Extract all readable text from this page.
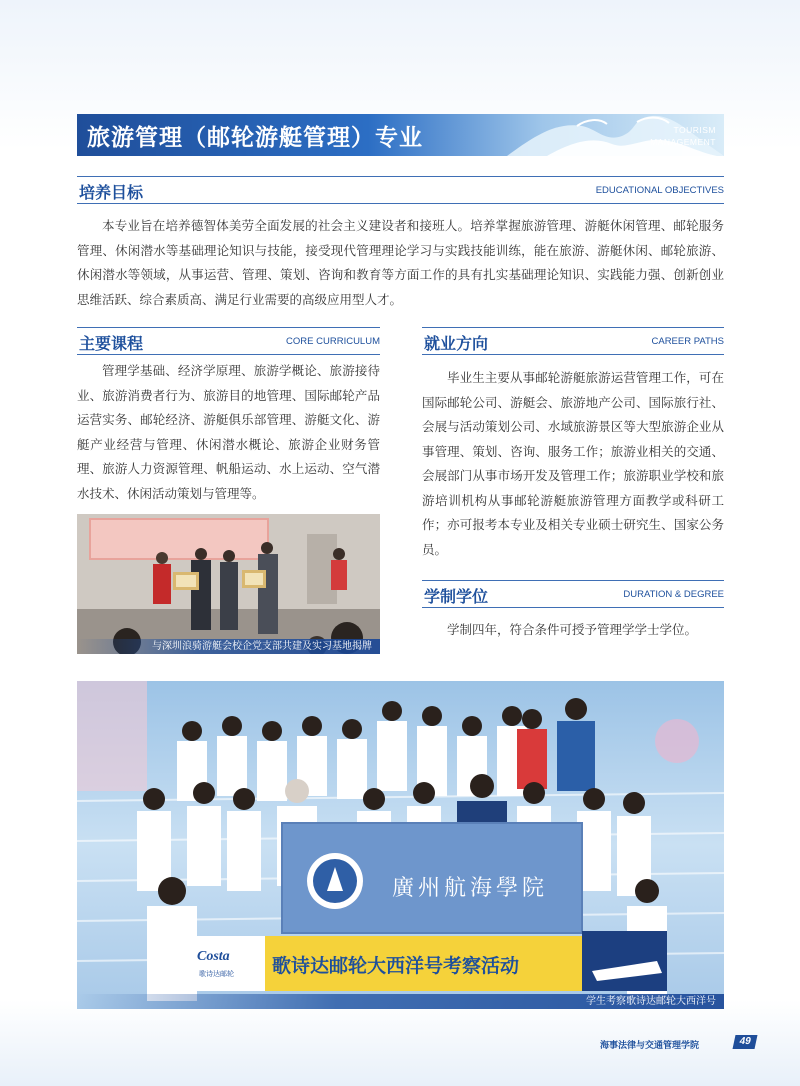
旅游管理（邮轮游艇管理）专业	TOURISM
MANAGEMENT
培养目标	EDUCATIONAL OBJECTIVES

本专业旨在培养德智体美劳全面发展的社会主义建设者和接班人。培养掌握旅游管理、游艇休闲管理、邮轮服务管理、休闲潜水等基础理论知识与技能，接受现代管理理论学习与实践技能训练，能在旅游、游艇休闲、邮轮旅游、休闲潜水等领域，从事运营、管理、策划、咨询和教育等方面工作的具有扎实基础理论知识、实践能力强、创新创业思维活跃、综合素质高、满足行业需要的高级应用型人才。

主要课程	CORE CURRICULUM

管理学基础、经济学原理、旅游学概论、旅游接待业、旅游消费者行为、旅游目的地管理、国际邮轮产品运营实务、邮轮经济、游艇俱乐部管理、游艇文化、游艇产业经营与管理、休闲潜水概论、旅游企业财务管理、旅游人力资源管理、帆船运动、水上运动、空气潜水技术、休闲活动策划与管理等。

就业方向	CAREER PATHS

毕业生主要从事邮轮游艇旅游运营管理工作，可在国际邮轮公司、游艇会、旅游地产公司、国际旅行社、会展与活动策划公司、水域旅游景区等大型旅游企业从事管理、策划、咨询、服务工作；旅游业相关的交通、会展部门从事市场开发及管理工作；旅游职业学校和旅游培训机构从事邮轮游艇旅游管理方面教学或科研工作；亦可报考本专业及相关专业硕士研究生、国家公务员。

学制学位	DURATION & DEGREE

学制四年，符合条件可授予管理学学士学位。

与深圳浪骑游艇会校企党支部共建及实习基地揭牌
廣州航海學院
Costa
歌诗达邮轮 歌诗达邮轮大西洋号考察活动
学生考察歌诗达邮轮大西洋号
海事法律与交通管理学院	49
